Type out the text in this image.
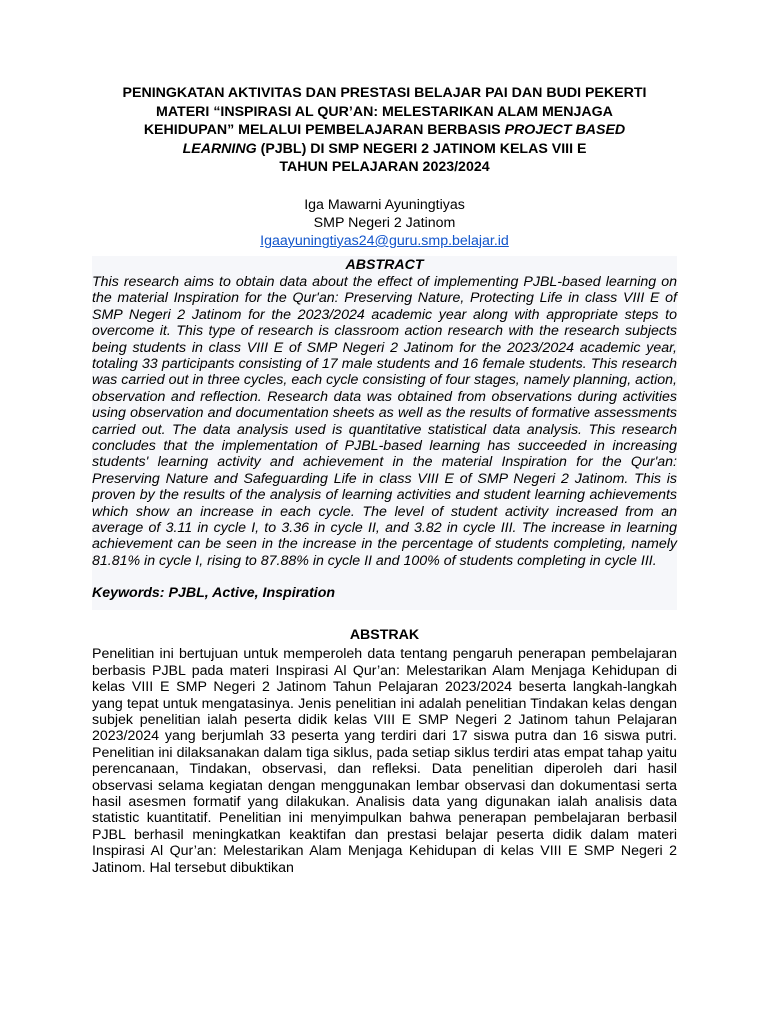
PENINGKATAN AKTIVITAS DAN PRESTASI BELAJAR PAI DAN BUDI PEKERTI
MATERI “INSPIRASI AL QUR’AN: MELESTARIKAN ALAM MENJAGA
KEHIDUPAN” MELALUI PEMBELAJARAN BERBASIS PROJECT BASED
LEARNING (PJBL) DI SMP NEGERI 2 JATINOM KELAS VIII E
TAHUN PELAJARAN 2023/2024
Iga Mawarni Ayuningtiyas
SMP Negeri 2 Jatinom
Igaayuningtiyas24@guru.smp.belajar.id
ABSTRACT

This research aims to obtain data about the effect of implementing PJBL-based learning on the material Inspiration for the Qur'an: Preserving Nature, Protecting Life in class VIII E of SMP Negeri 2 Jatinom for the 2023/2024 academic year along with appropriate steps to overcome it. This type of research is classroom action research with the research subjects being students in class VIII E of SMP Negeri 2 Jatinom for the 2023/2024 academic year, totaling 33 participants consisting of 17 male students and 16 female students. This research was carried out in three cycles, each cycle consisting of four stages, namely planning, action, observation and reflection. Research data was obtained from observations during activities using observation and documentation sheets as well as the results of formative assessments carried out. The data analysis used is quantitative statistical data analysis. This research concludes that the implementation of PJBL-based learning has succeeded in increasing students' learning activity and achievement in the material Inspiration for the Qur'an: Preserving Nature and Safeguarding Life in class VIII E of SMP Negeri 2 Jatinom. This is proven by the results of the analysis of learning activities and student learning achievements which show an increase in each cycle. The level of student activity increased from an average of 3.11 in cycle I, to 3.36 in cycle II, and 3.82 in cycle III. The increase in learning achievement can be seen in the increase in the percentage of students completing, namely 81.81% in cycle I, rising to 87.88% in cycle II and 100% of students completing in cycle III.

Keywords: PJBL, Active, Inspiration
ABSTRAK

Penelitian ini bertujuan untuk memperoleh data tentang pengaruh penerapan pembelajaran berbasis PJBL pada materi Inspirasi Al Qur’an: Melestarikan Alam Menjaga Kehidupan di kelas VIII E SMP Negeri 2 Jatinom Tahun Pelajaran 2023/2024 beserta langkah-langkah yang tepat untuk mengatasinya. Jenis penelitian ini adalah penelitian Tindakan kelas dengan subjek penelitian ialah peserta didik kelas VIII E SMP Negeri 2 Jatinom tahun Pelajaran 2023/2024 yang berjumlah 33 peserta yang terdiri dari 17 siswa putra dan 16 siswa putri. Penelitian ini dilaksanakan dalam tiga siklus, pada setiap siklus terdiri atas empat tahap yaitu perencanaan, Tindakan, observasi, dan refleksi. Data penelitian diperoleh dari hasil observasi selama kegiatan dengan menggunakan lembar observasi dan dokumentasi serta hasil asesmen formatif yang dilakukan. Analisis data yang digunakan ialah analisis data statistic kuantitatif. Penelitian ini menyimpulkan bahwa penerapan pembelajaran berbasil PJBL berhasil meningkatkan keaktifan dan prestasi belajar peserta didik dalam materi Inspirasi Al Qur’an: Melestarikan Alam Menjaga Kehidupan di kelas VIII E SMP Negeri 2 Jatinom. Hal tersebut dibuktikan
